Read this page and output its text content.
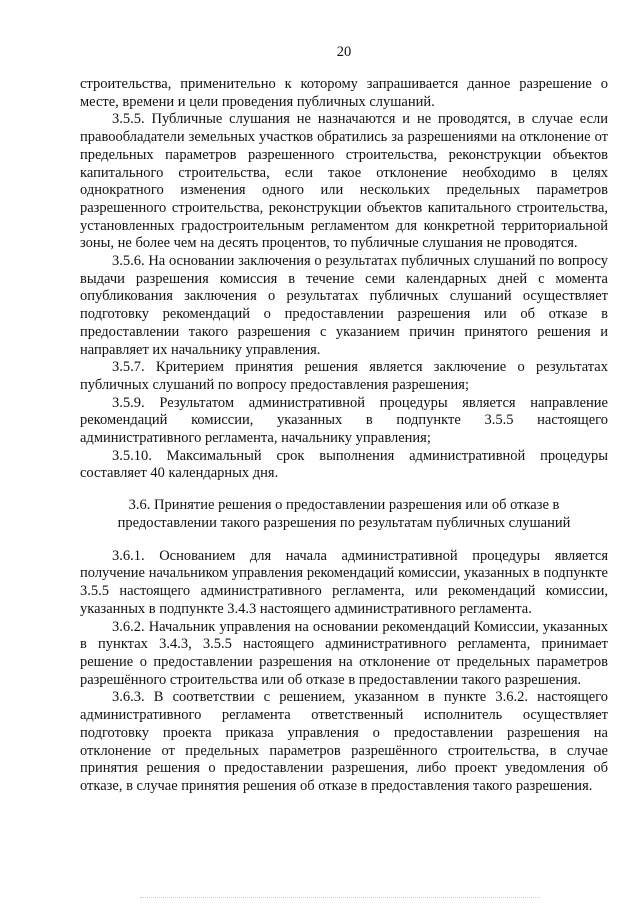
20

строительства, применительно к которому запрашивается данное разрешение о месте, времени и цели проведения публичных слушаний.

3.5.5. Публичные слушания не назначаются и не проводятся, в случае если правообладатели земельных участков обратились за разрешениями на отклонение от предельных параметров разрешенного строительства, реконструкции объектов капитального строительства, если такое отклонение необходимо в целях однократного изменения одного или нескольких предельных параметров разрешенного строительства, реконструкции объектов капитального строительства, установленных градостроительным регламентом для конкретной территориальной зоны, не более чем на десять процентов, то публичные слушания не проводятся.

3.5.6. На основании заключения о результатах публичных слушаний по вопросу выдачи разрешения комиссия в течение семи календарных дней с момента опубликования заключения о результатах публичных слушаний осуществляет подготовку рекомендаций о предоставлении разрешения или об отказе в предоставлении такого разрешения с указанием причин принятого решения и направляет их начальнику управления.

3.5.7. Критерием принятия решения является заключение о результатах публичных слушаний по вопросу предоставления разрешения;

3.5.9. Результатом административной процедуры является направление рекомендаций комиссии, указанных в подпункте 3.5.5 настоящего административного регламента, начальнику управления;

3.5.10. Максимальный срок выполнения административной процедуры составляет 40 календарных дня.

3.6. Принятие решения о предоставлении разрешения или об отказе в предоставлении такого разрешения по результатам публичных слушаний

3.6.1. Основанием для начала административной процедуры является получение начальником управления рекомендаций комиссии, указанных в подпункте 3.5.5 настоящего административного регламента, или рекомендаций комиссии, указанных в подпункте 3.4.3 настоящего административного регламента.

3.6.2. Начальник управления на основании рекомендаций Комиссии, указанных в пунктах 3.4.3, 3.5.5 настоящего административного регламента, принимает решение о предоставлении разрешения на отклонение от предельных параметров разрешённого строительства или об отказе в предоставлении такого разрешения.

3.6.3. В соответствии с решением, указанном в пункте 3.6.2. настоящего административного регламента ответственный исполнитель осуществляет подготовку проекта приказа управления о предоставлении разрешения на отклонение от предельных параметров разрешённого строительства, в случае принятия решения о предоставлении разрешения, либо проект уведомления об отказе, в случае принятия решения об отказе в предоставления такого разрешения.
